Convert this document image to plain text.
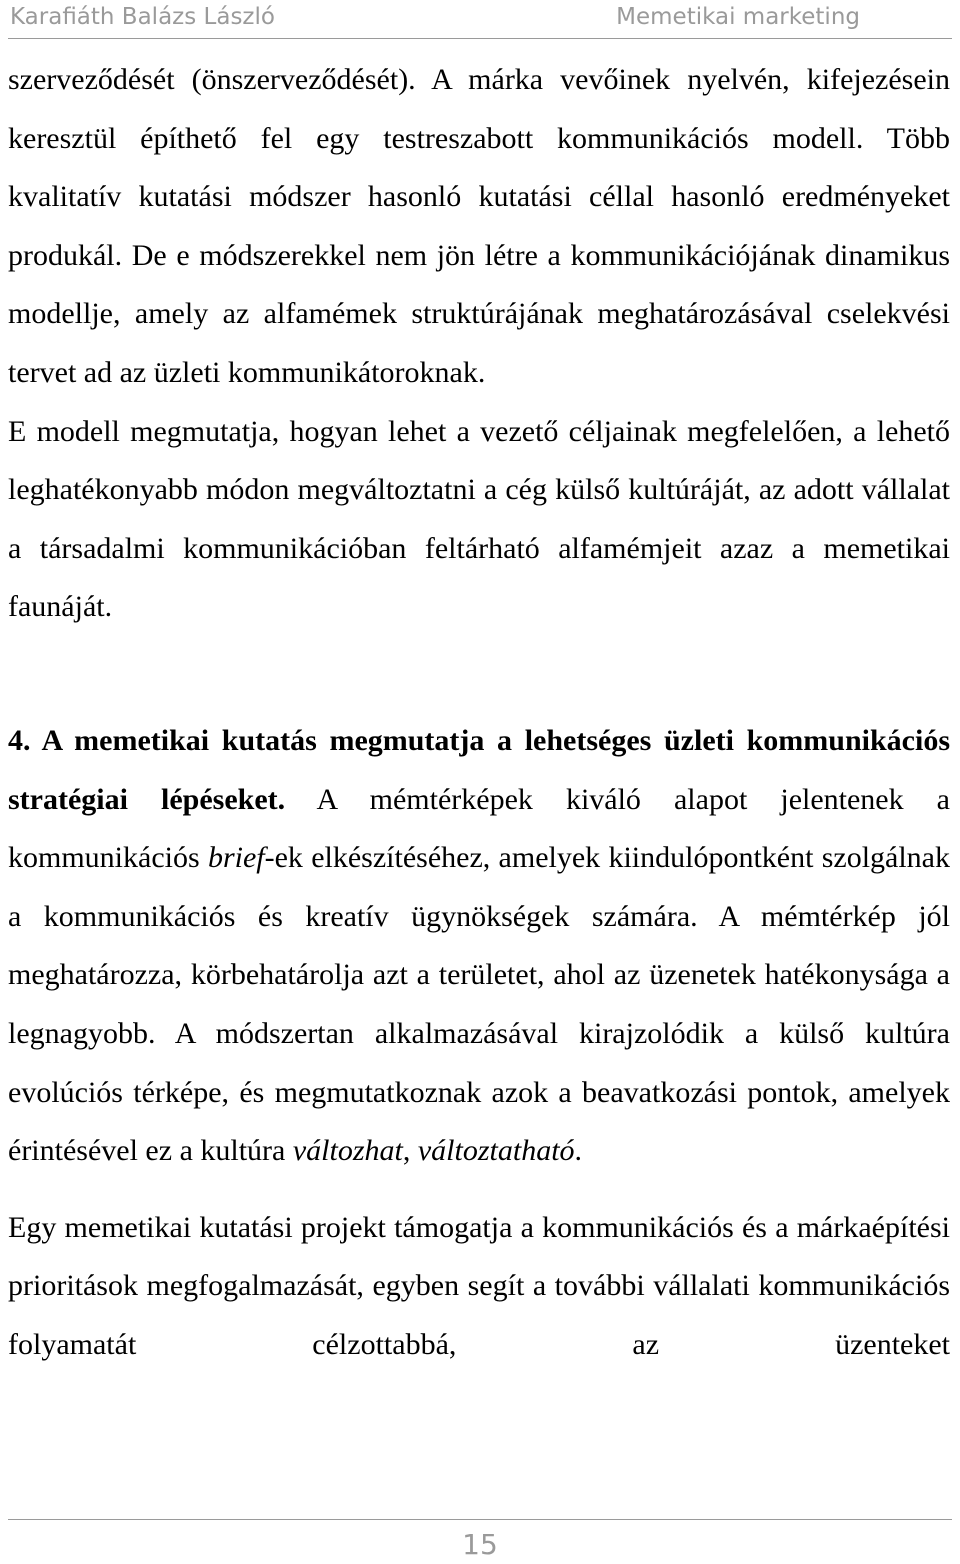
Karafiáth Balázs László	Memetikai marketing

szerveződését (önszerveződését). A márka vevőinek nyelvén, kifejezésein keresztül építhető fel egy testreszabott kommunikációs modell. Több kvalitatív kutatási módszer hasonló kutatási céllal hasonló eredményeket produkál. De e módszerekkel nem jön létre a kommunikációjának dinamikus modellje, amely az alfamémek struktúrájának meghatározásával cselekvési tervet ad az üzleti kommunikátoroknak.

E modell megmutatja, hogyan lehet a vezető céljainak megfelelően, a lehető leghatékonyabb módon megváltoztatni a cég külső kultúráját, az adott vállalat a társadalmi kommunikációban feltárható alfamémjeit azaz a memetikai faunáját.

4. A memetikai kutatás megmutatja a lehetséges üzleti kommunikációs stratégiai lépéseket. A mémtérképek kiváló alapot jelentenek a kommunikációs brief-ek elkészítéséhez, amelyek kiindulópontként szolgálnak a kommunikációs és kreatív ügynökségek számára. A mémtérkép jól meghatározza, körbehatárolja azt a területet, ahol az üzenetek hatékonysága a legnagyobb. A módszertan alkalmazásával kirajzolódik a külső kultúra evolúciós térképe, és megmutatkoznak azok a beavatkozási pontok, amelyek érintésével ez a kultúra változhat, változtatható.

Egy memetikai kutatási projekt támogatja a kommunikációs és a márkaépítési prioritások megfogalmazását, egyben segít a további vállalati kommunikációs folyamatát célzottabbá, az üzenteket

15
